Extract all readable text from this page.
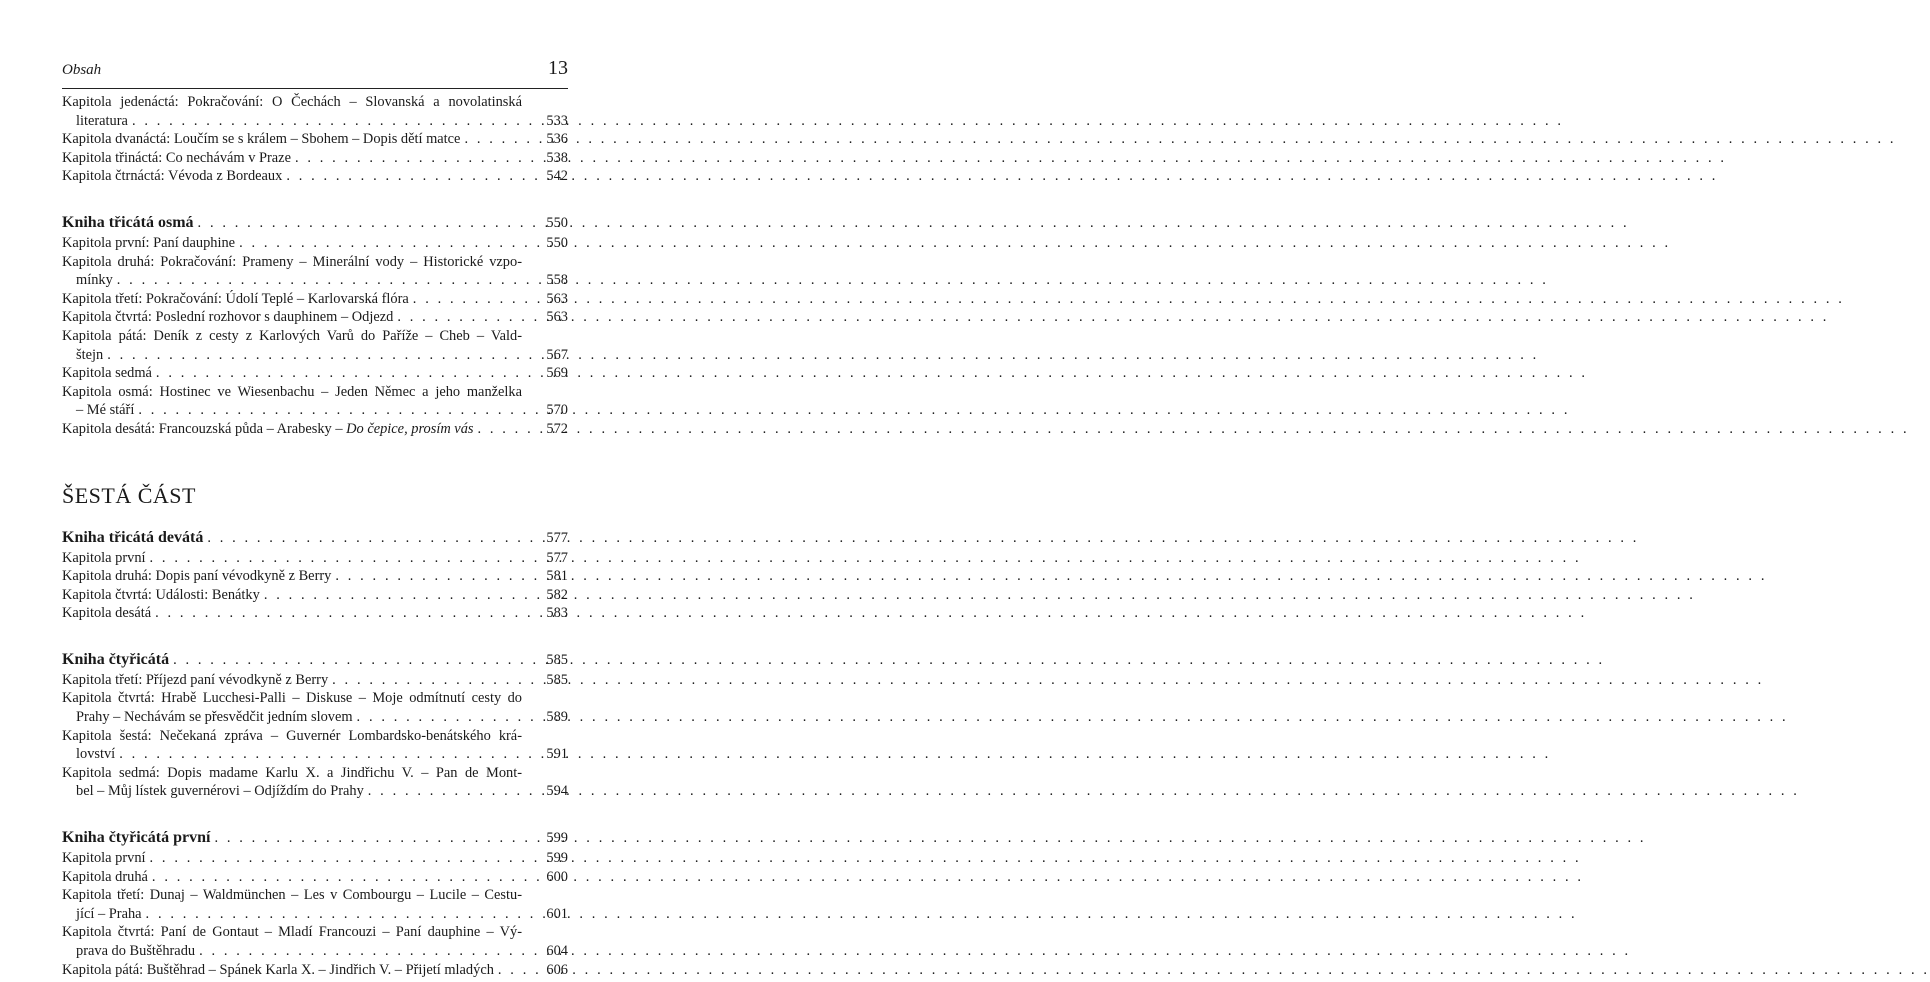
Obsah	13
Kapitola jedenáctá: Pokračování: O Čechách – Slovanská a novolatinská
literatura . . .	533
Kapitola dvanáctá: Loučím se s králem – Sbohem – Dopis dětí matce . . .	536
Kapitola třináctá: Co nechávám v Praze . . .	538
Kapitola čtrnáctá: Vévoda z Bordeaux . . .	542
Kniha třicátá osmá . . .	550
Kapitola první: Paní dauphine . . .	550
Kapitola druhá: Pokračování: Prameny – Minerální vody – Historické vzpo-
mínky . . .	558
Kapitola třetí: Pokračování: Údolí Teplé – Karlovarská flóra . . .	563
Kapitola čtvrtá: Poslední rozhovor s dauphinem – Odjezd . . .	563
Kapitola pátá: Deník z cesty z Karlových Varů do Paříže – Cheb – Vald-
štejn . . .	567
Kapitola sedmá . . .	569
Kapitola osmá: Hostinec ve Wiesenbachu – Jeden Němec a jeho manželka
– Mé stáří . . .	570
Kapitola desátá: Francouzská půda – Arabesky – Do čepice, prosím vás . . .	572
ŠESTÁ ČÁST
Kniha třicátá devátá . . .	577
Kapitola první . . .	577
Kapitola druhá: Dopis paní vévodkyně z Berry . . .	581
Kapitola čtvrtá: Události: Benátky . . .	582
Kapitola desátá . . .	583
Kniha čtyřicátá . . .	585
Kapitola třetí: Příjezd paní vévodkyně z Berry . . .	585
Kapitola čtvrtá: Hrabě Lucchesi-Palli – Diskuse – Moje odmítnutí cesty do
Prahy – Nechávám se přesvědčit jedním slovem . . .	589
Kapitola šestá: Nečekaná zpráva – Guvernér Lombardsko-benátského krá-
lovství . . .	591
Kapitola sedmá: Dopis madame Karlu X. a Jindřichu V. – Pan de Mont-
bel – Můj lístek guvernérovi – Odjíždím do Prahy . . .	594
Kniha čtyřicátá první . . .	599
Kapitola první . . .	599
Kapitola druhá . . .	600
Kapitola třetí: Dunaj – Waldmünchen – Les v Combourgu – Lucile – Cestu-
jící – Praha . . .	601
Kapitola čtvrtá: Paní de Gontaut – Mladí Francouzi – Paní dauphine – Vý-
prava do Buštěhradu . . .	604
Kapitola pátá: Buštěhrad – Spánek Karla X. – Jindřich V. – Přijetí mladých . . .	606
